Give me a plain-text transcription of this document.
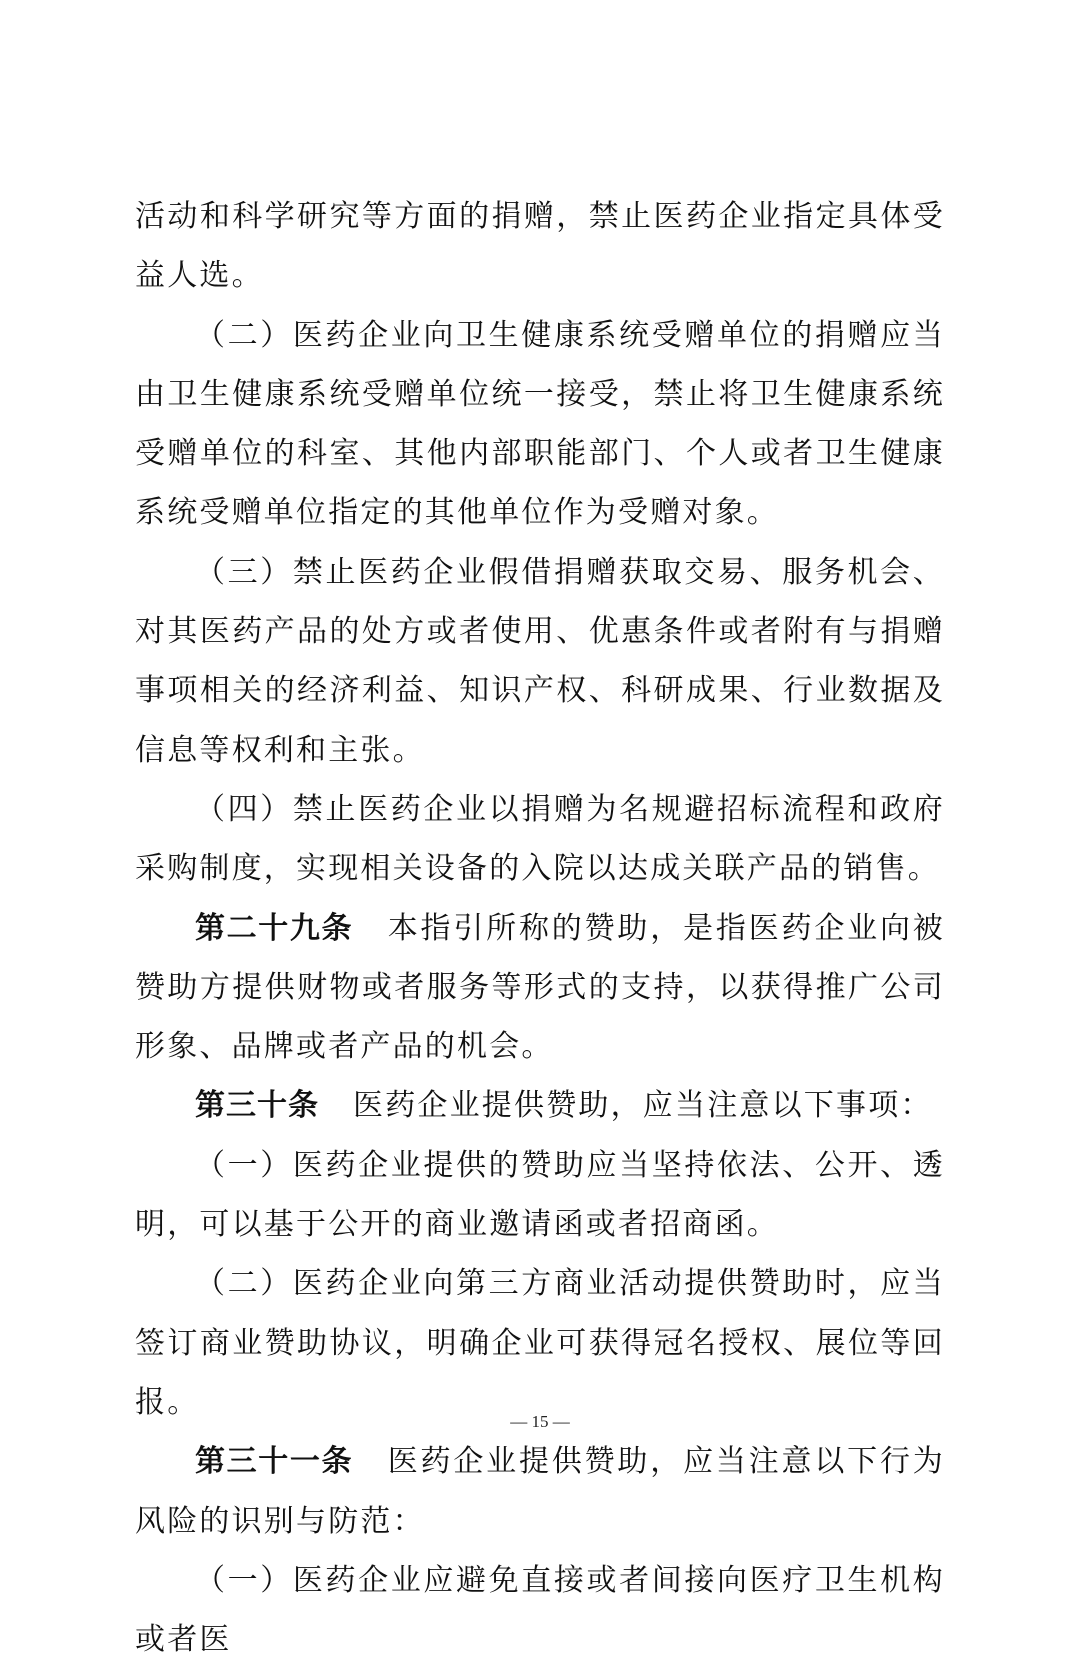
活动和科学研究等方面的捐赠，禁止医药企业指定具体受益人选。

（二）医药企业向卫生健康系统受赠单位的捐赠应当由卫生健康系统受赠单位统一接受，禁止将卫生健康系统受赠单位的科室、其他内部职能部门、个人或者卫生健康系统受赠单位指定的其他单位作为受赠对象。

（三）禁止医药企业假借捐赠获取交易、服务机会、对其医药产品的处方或者使用、优惠条件或者附有与捐赠事项相关的经济利益、知识产权、科研成果、行业数据及信息等权利和主张。

（四）禁止医药企业以捐赠为名规避招标流程和政府采购制度，实现相关设备的入院以达成关联产品的销售。

第二十九条 本指引所称的赞助，是指医药企业向被赞助方提供财物或者服务等形式的支持，以获得推广公司形象、品牌或者产品的机会。

第三十条 医药企业提供赞助，应当注意以下事项：

（一）医药企业提供的赞助应当坚持依法、公开、透明，可以基于公开的商业邀请函或者招商函。

（二）医药企业向第三方商业活动提供赞助时，应当签订商业赞助协议，明确企业可获得冠名授权、展位等回报。

第三十一条 医药企业提供赞助，应当注意以下行为风险的识别与防范：

（一）医药企业应避免直接或者间接向医疗卫生机构或者医

— 15 —
